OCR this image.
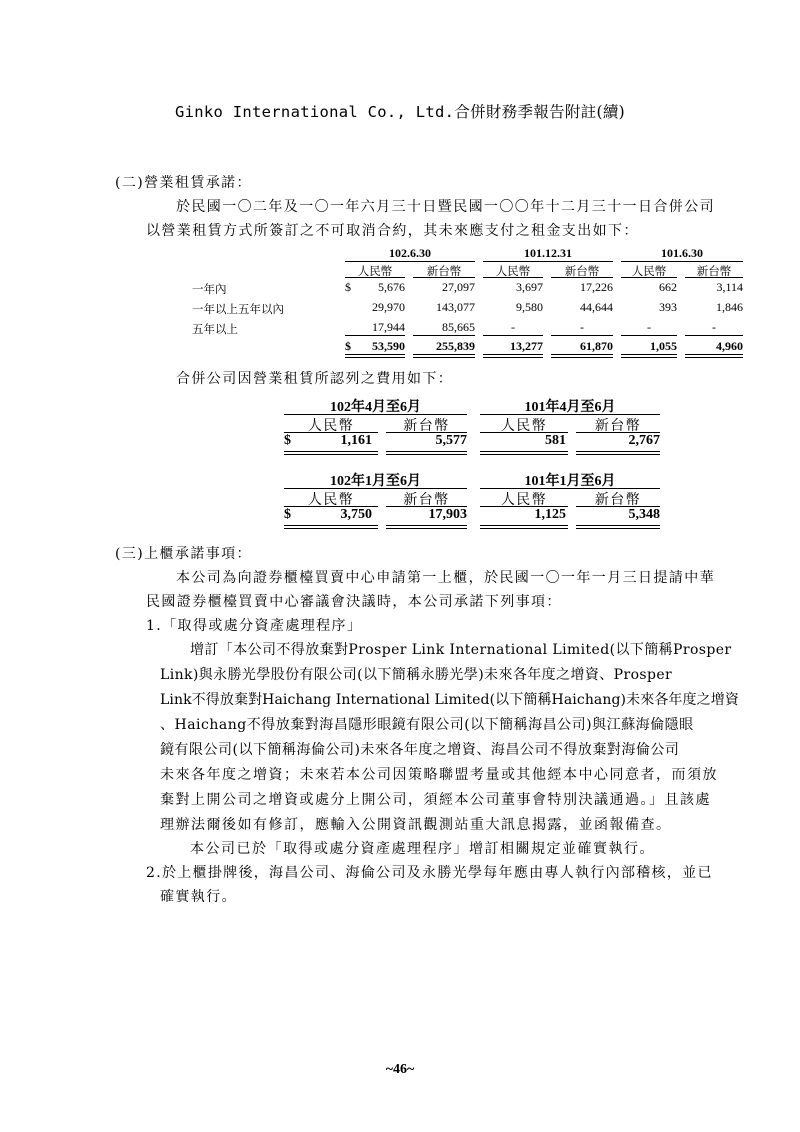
Ginko International Co., Ltd.合併財務季報告附註(續)
(二)營業租賃承諾：
於民國一〇二年及一〇一年六月三十日暨民國一〇〇年十二月三十一日合併公司
以營業租賃方式所簽訂之不可取消合約，其未來應支付之租金支出如下：
102.6.30	101.12.31	101.6.30
人民幣	新台幣	人民幣	新台幣	人民幣	新台幣
一年內	$	5,676	27,097	3,697	17,226	662	3,114
一年以上五年以內	29,970	143,077	9,580	44,644	393	1,846
五年以上	17,944	85,665	-	-	-	-
$	53,590	255,839	13,277	61,870	1,055	4,960
合併公司因營業租賃所認列之費用如下：
102年4月至6月	101年4月至6月
人民幣	新台幣	人民幣	新台幣
$	1,161	5,577	581	2,767
102年1月至6月	101年1月至6月
人民幣	新台幣	人民幣	新台幣
$	3,750	17,903	1,125	5,348
(三)上櫃承諾事項：
本公司為向證券櫃檯買賣中心申請第一上櫃，於民國一〇一年一月三日提請中華
民國證券櫃檯買賣中心審議會決議時，本公司承諾下列事項：
1.「取得或處分資產處理程序」
增訂「本公司不得放棄對Prosper Link International Limited(以下簡稱Prosper
Link)與永勝光學股份有限公司(以下簡稱永勝光學)未來各年度之增資、Prosper
Link不得放棄對Haichang International Limited(以下簡稱Haichang)未來各年度之增資
、Haichang不得放棄對海昌隱形眼鏡有限公司(以下簡稱海昌公司)與江蘇海倫隱眼
鏡有限公司(以下簡稱海倫公司)未來各年度之增資、海昌公司不得放棄對海倫公司
未來各年度之增資；未來若本公司因策略聯盟考量或其他經本中心同意者，而須放
棄對上開公司之增資或處分上開公司，須經本公司董事會特別決議通過。」且該處
理辦法爾後如有修訂，應輸入公開資訊觀測站重大訊息揭露，並函報備查。
本公司已於「取得或處分資產處理程序」增訂相關規定並確實執行。
2.於上櫃掛牌後，海昌公司、海倫公司及永勝光學每年應由專人執行內部稽核，並已
確實執行。
~46~
